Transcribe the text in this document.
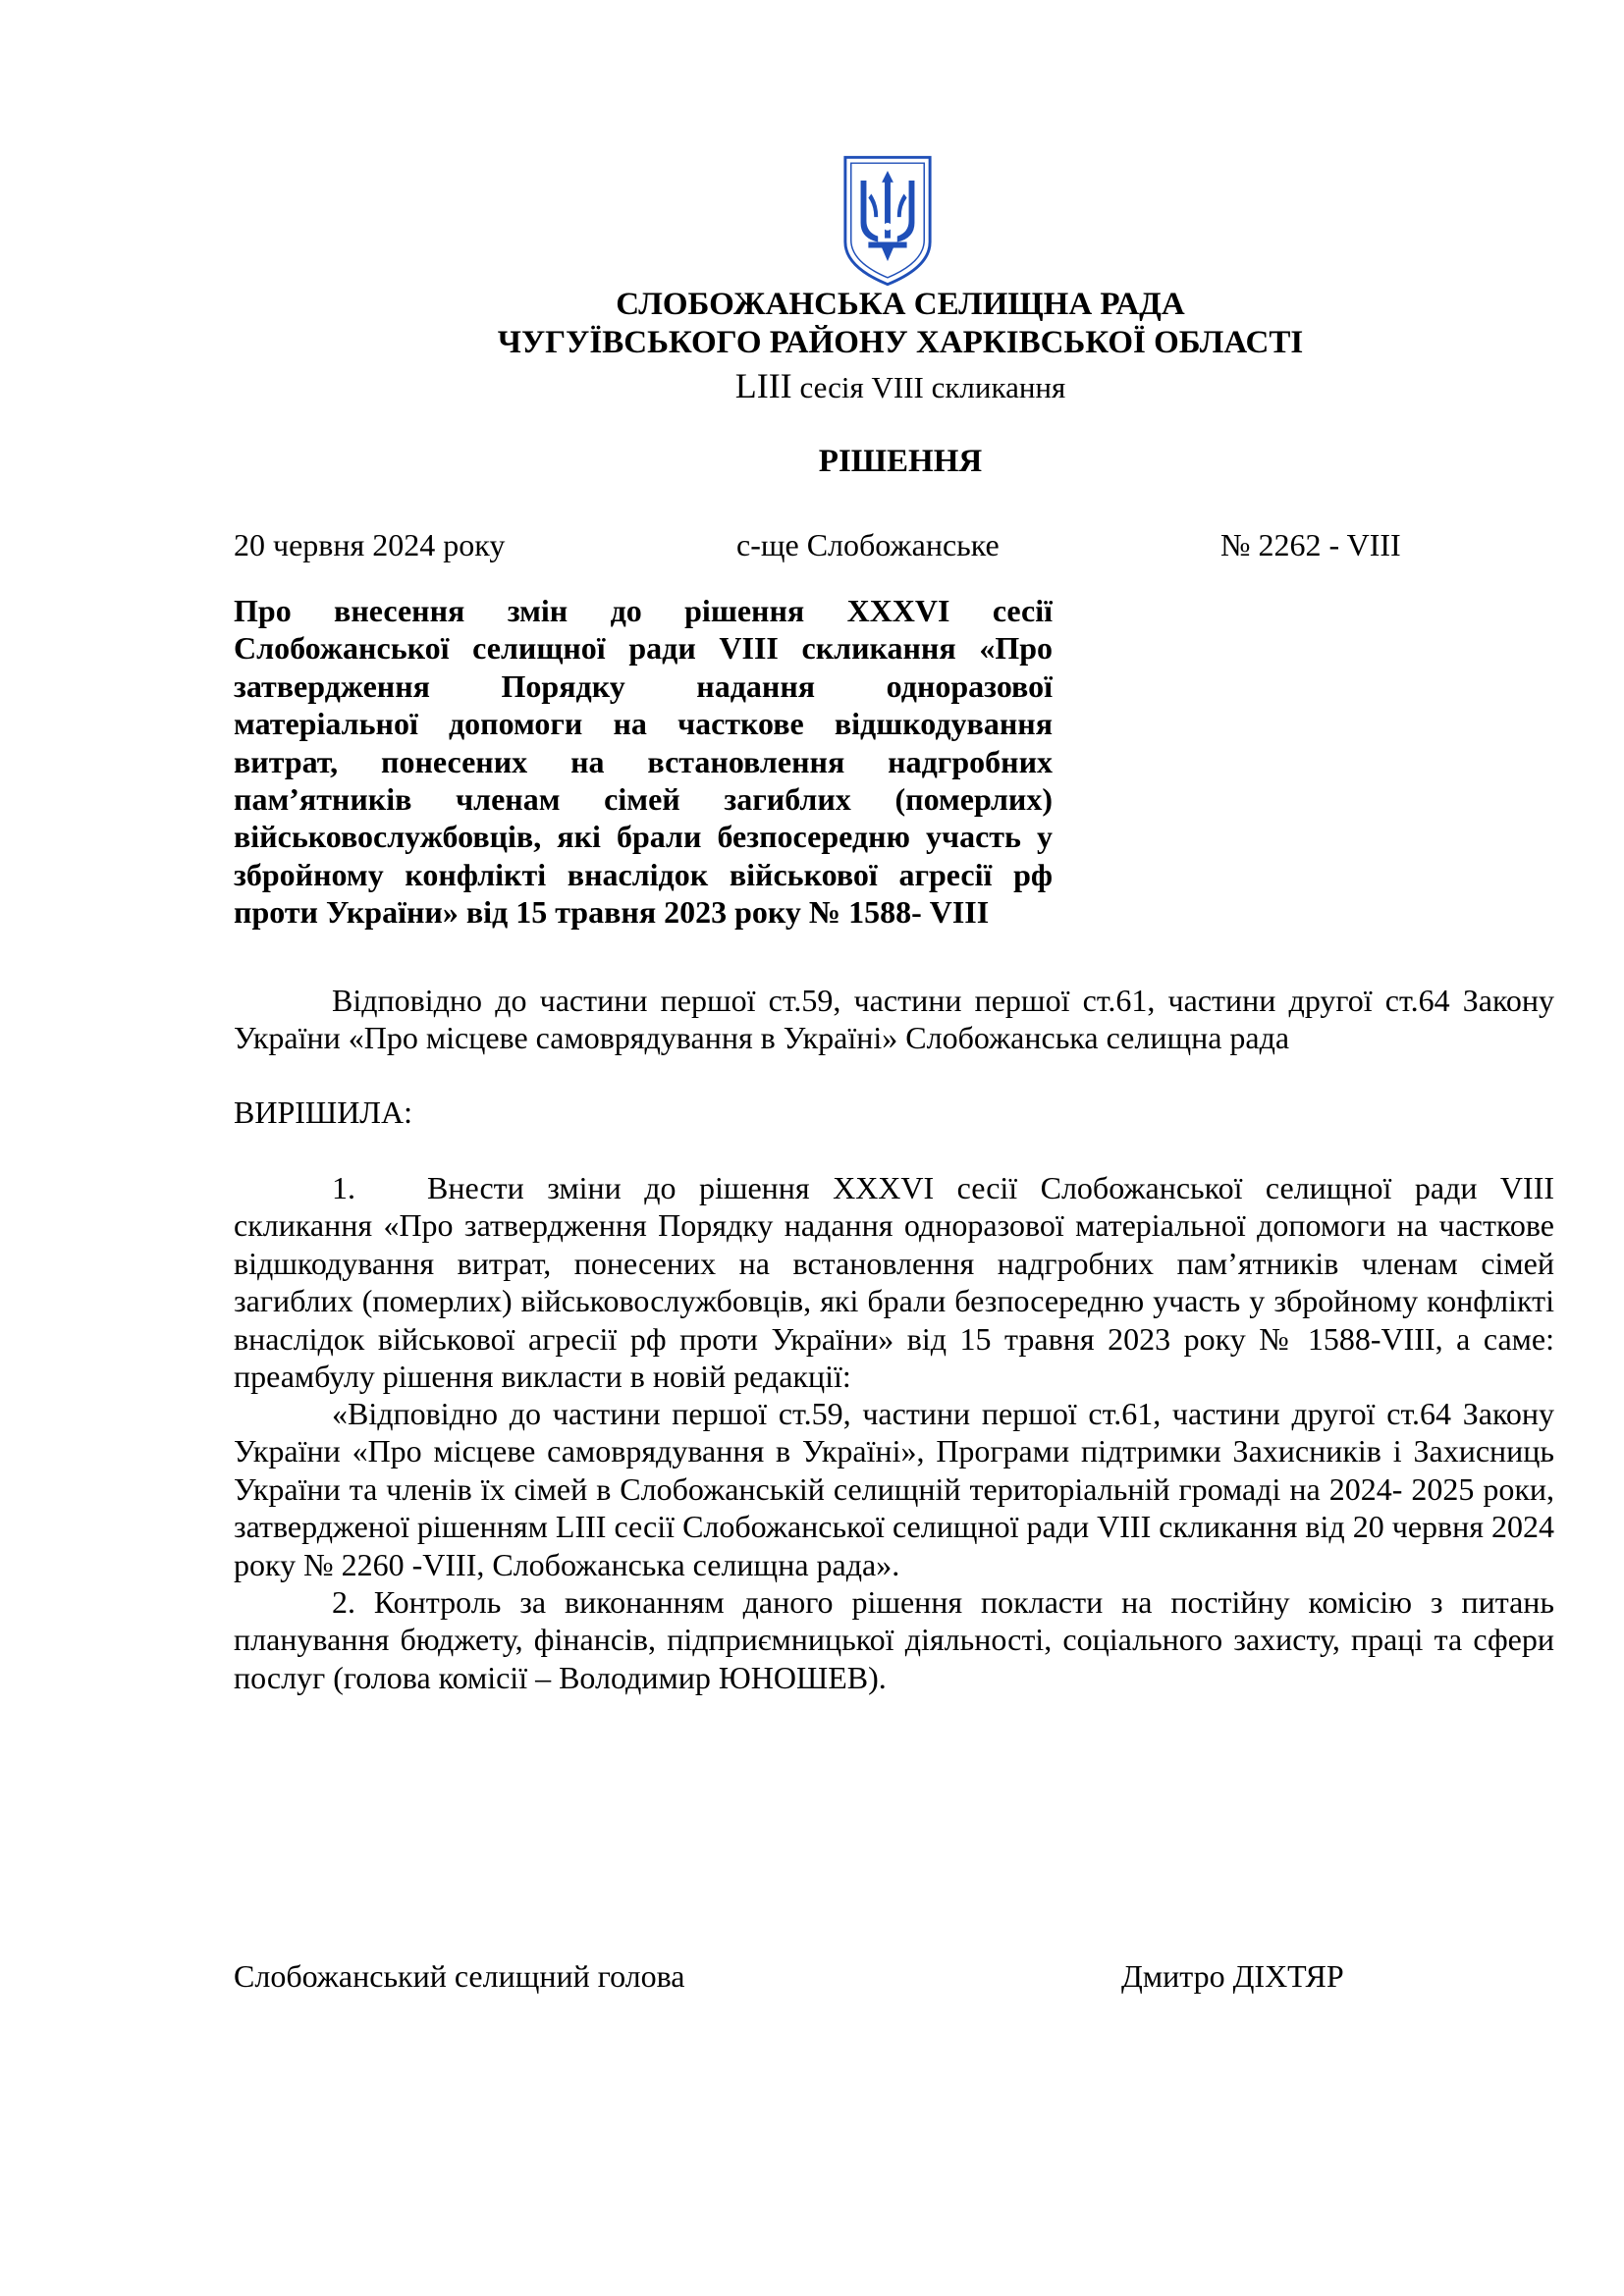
СЛОБОЖАНСЬКА СЕЛИЩНА РАДА
ЧУГУЇВСЬКОГО РАЙОНУ ХАРКІВСЬКОЇ ОБЛАСТІ
LIII сесія VIII скликання
РІШЕННЯ
20 червня 2024 року	с-ще Слобожанське	№ 2262 - VIII
Про внесення змін до рішення XXXVI сесії
Слобожанської селищної ради VIII скликання «Про
затвердження Порядку надання одноразової
матеріальної допомоги на часткове відшкодування
витрат, понесених на встановлення надгробних
пам’ятників членам сімей загиблих (померлих)
військовослужбовців, які брали безпосередню участь у
збройному конфлікті внаслідок військової агресії рф
проти України» від 15 травня 2023 року № 1588- VIII
Відповідно до частини першої ст.59, частини першої ст.61, частини другої ст.64 Закону України «Про місцеве самоврядування в Україні» Слобожанська селищна рада
ВИРІШИЛА:
1. Внести зміни до рішення XXXVI сесії Слобожанської селищної ради VIII скликання «Про затвердження Порядку надання одноразової матеріальної допомоги на часткове відшкодування витрат, понесених на встановлення надгробних пам’ятників членам сімей загиблих (померлих) військовослужбовців, які брали безпосередню участь у збройному конфлікті внаслідок військової агресії рф проти України» від 15 травня 2023 року № 1588-VIII, а саме: преамбулу рішення викласти в новій редакції:
«Відповідно до частини першої ст.59, частини першої ст.61, частини другої ст.64 Закону України «Про місцеве самоврядування в Україні», Програми підтримки Захисників і Захисниць України та членів їх сімей в Слобожанській селищній територіальній громаді на 2024- 2025 роки, затвердженої рішенням LIII сесії Слобожанської селищної ради VIII скликання від 20 червня 2024 року № 2260 -VIII, Слобожанська селищна рада».
2. Контроль за виконанням даного рішення покласти на постійну комісію з питань планування бюджету, фінансів, підприємницької діяльності, соціального захисту, праці та сфери послуг (голова комісії – Володимир ЮНОШЕВ).
Слобожанський селищний голова	Дмитро ДІХТЯР
